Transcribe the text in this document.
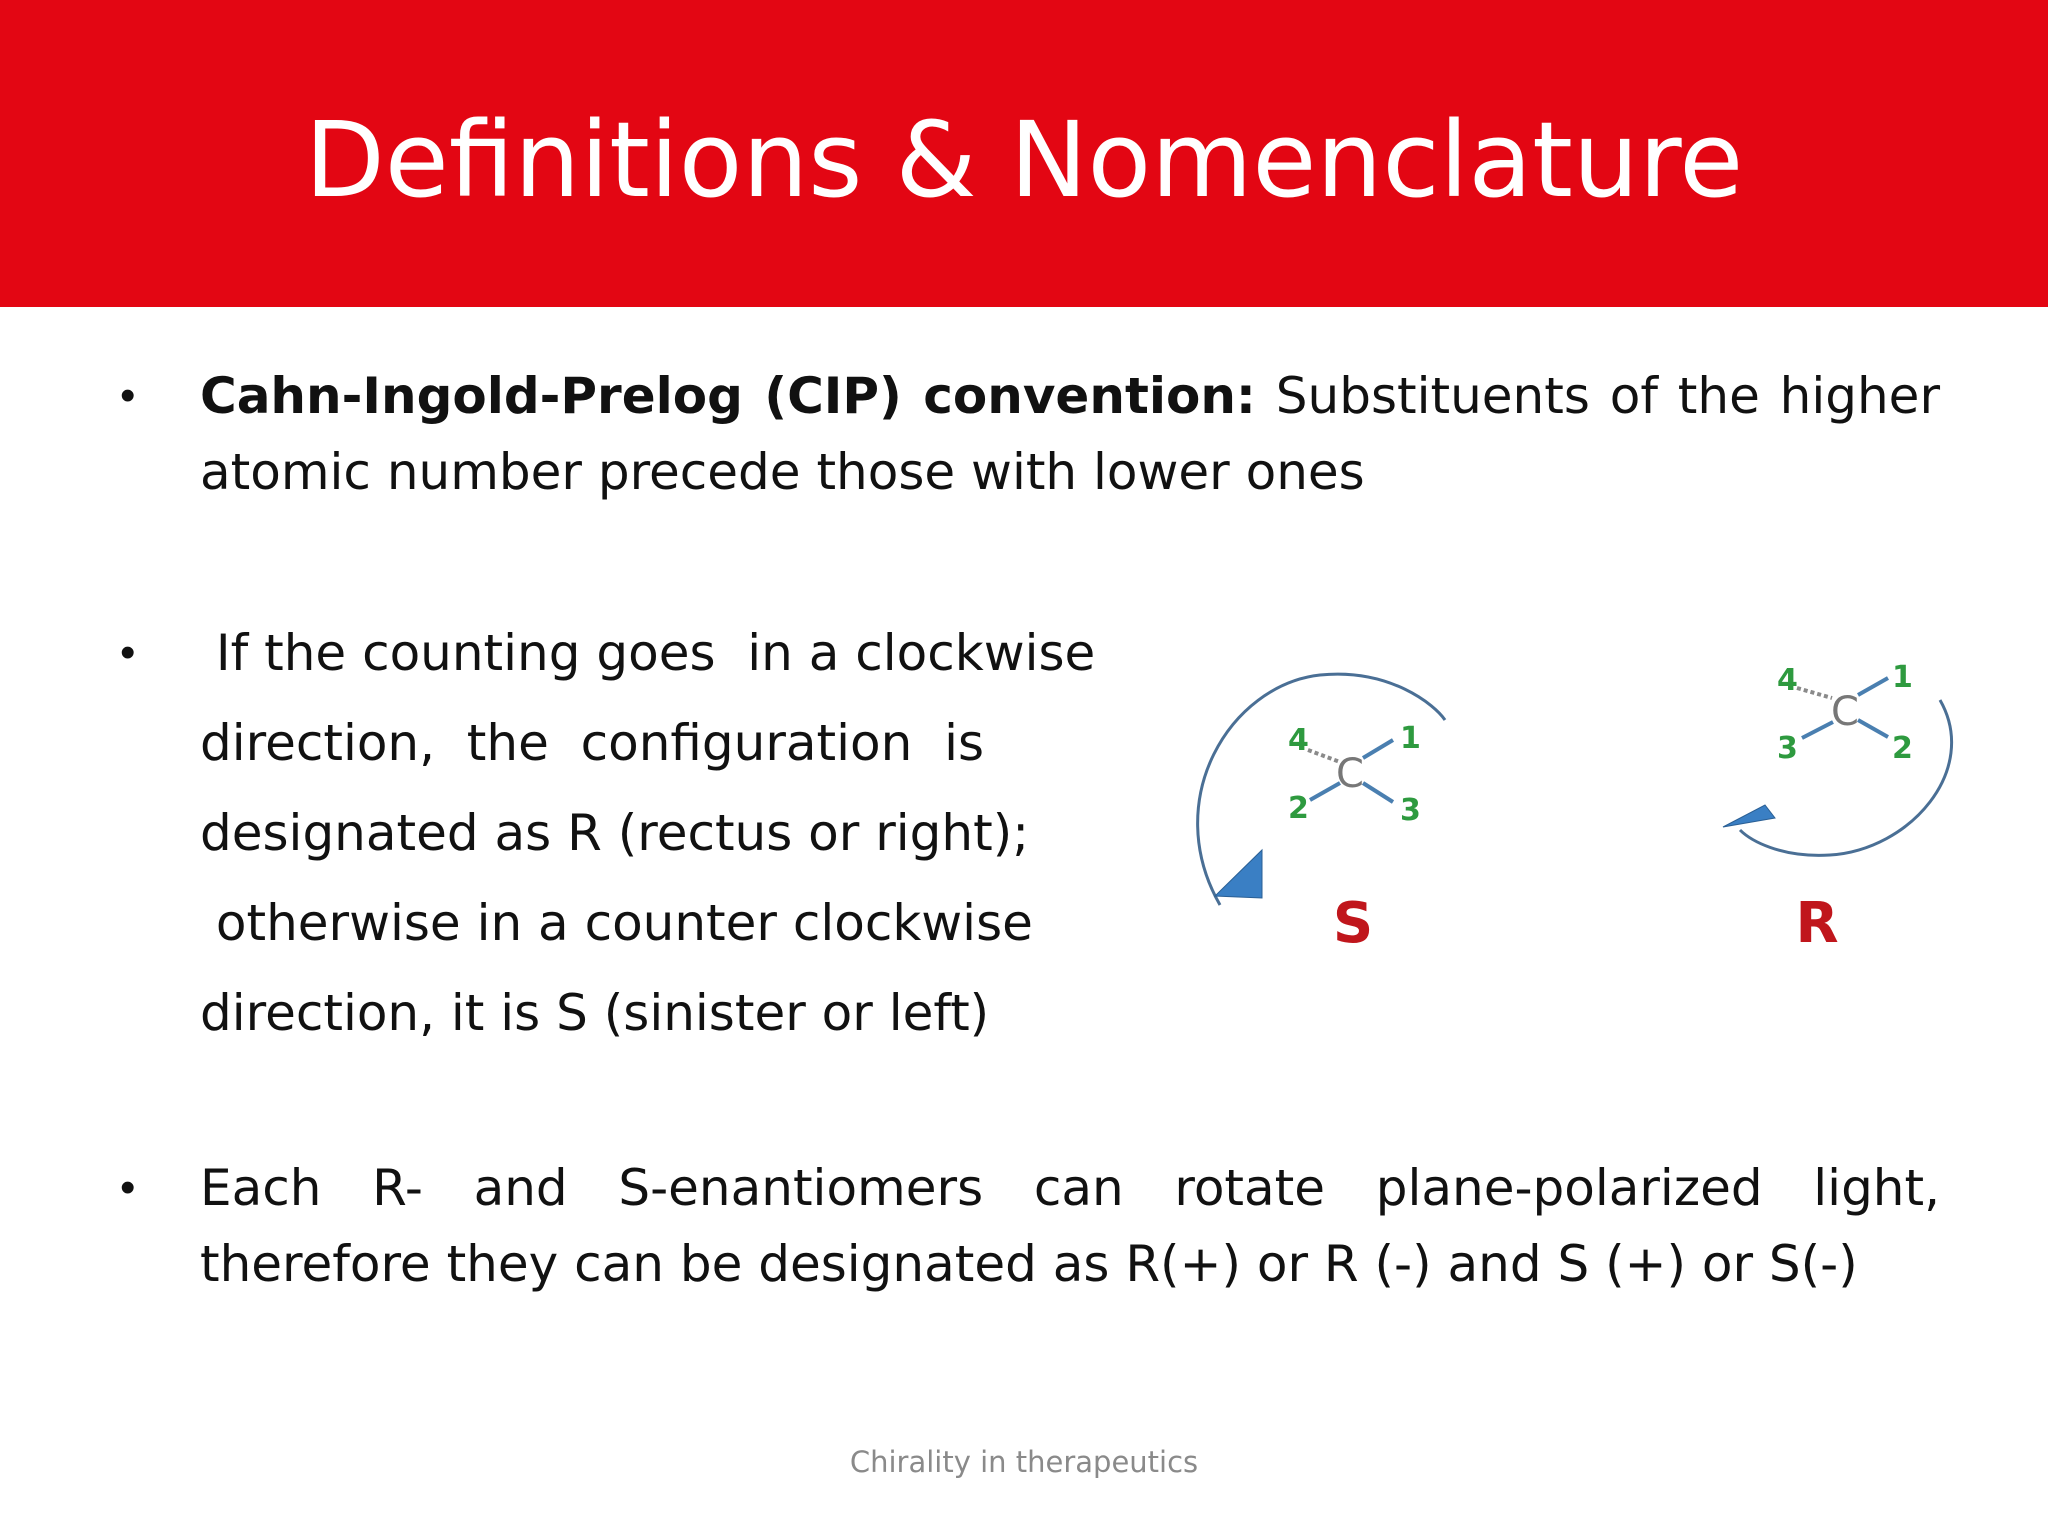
Definitions & Nomenclature
• Cahn-Ingold-Prelog (CIP) convention: Substituents of the higher atomic number precede those with lower ones
• If the counting goes  in a clockwise
direction,  the  configuration  is
designated as R (rectus or right);
otherwise in a counter clockwise
direction, it is S (sinister or left)
C
4
2
1
3
S
C
4	1
3	2
R
• Each R- and S-enantiomers can rotate plane-polarized light, therefore they can be designated as R(+) or R (-) and S (+) or S(-)
Chirality in therapeutics
